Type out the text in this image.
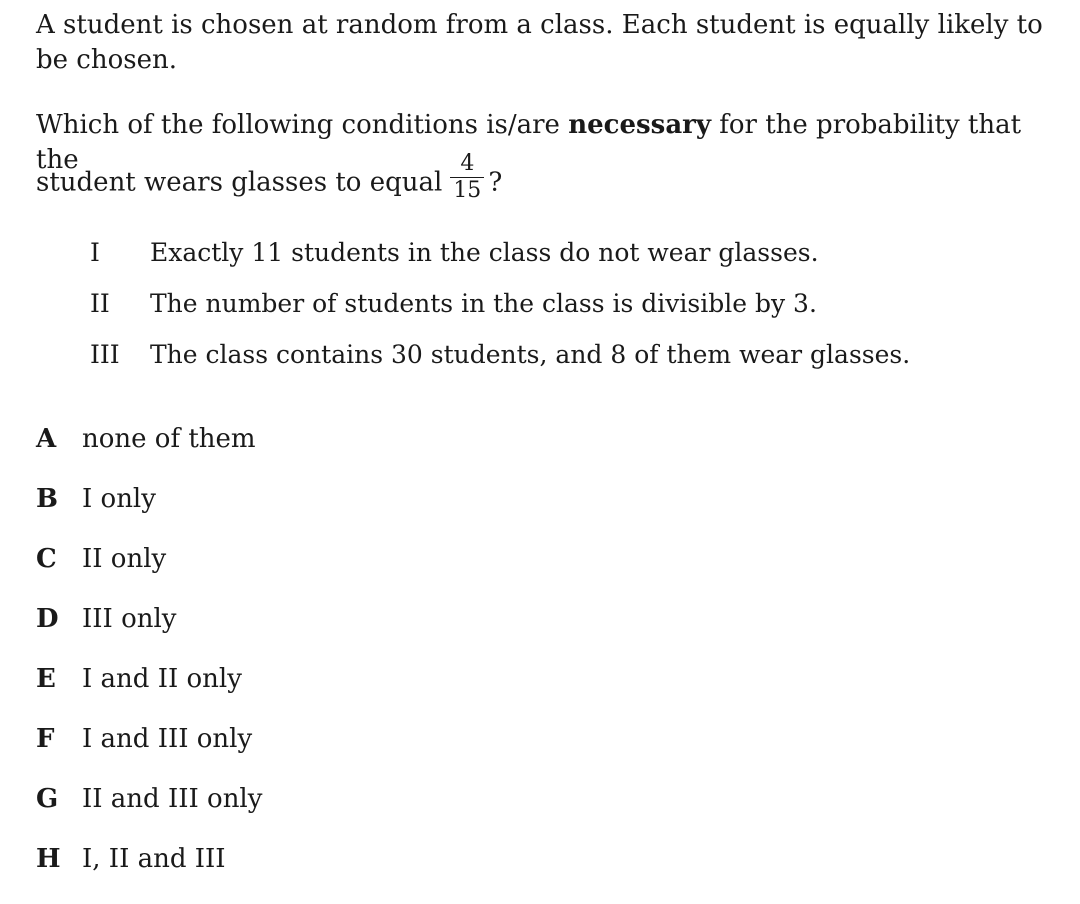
A student is chosen at random from a class. Each student is equally likely to be chosen.
Which of the following conditions is/are necessary for the probability that the
student wears glasses to equal $\frac{4}{15}$ ?
I Exactly 11 students in the class do not wear glasses.
II The number of students in the class is divisible by 3.
III The class contains 30 students, and 8 of them wear glasses.
A none of them
B I only
C II only
D III only
E I and II only
F I and III only
G II and III only
H I, II and III
